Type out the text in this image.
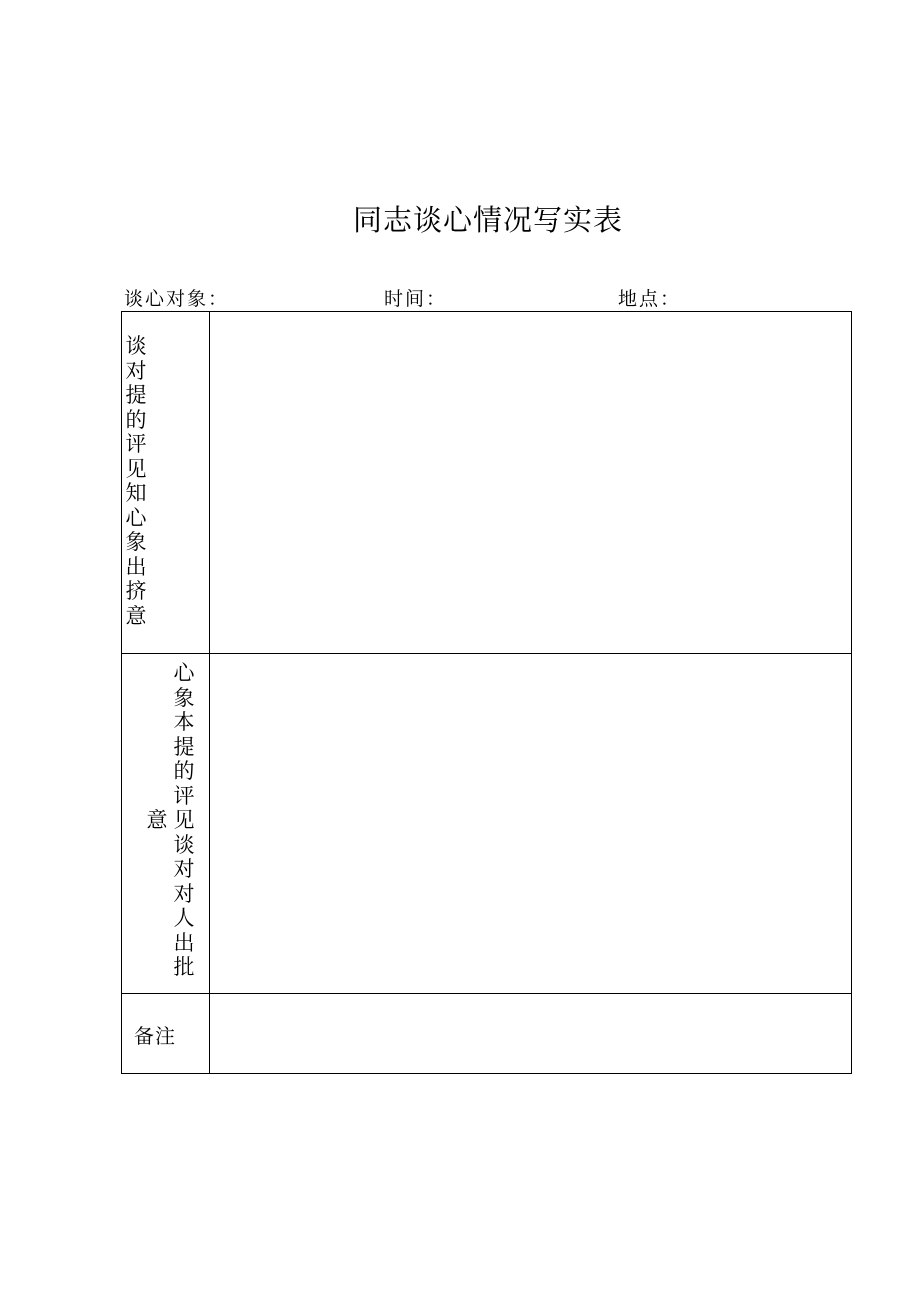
同志谈心情况写实表
谈心对象：	时间：	地点：
谈对提的评见知心象出挤意
心象本提的评见谈对对人出批
意
备注
